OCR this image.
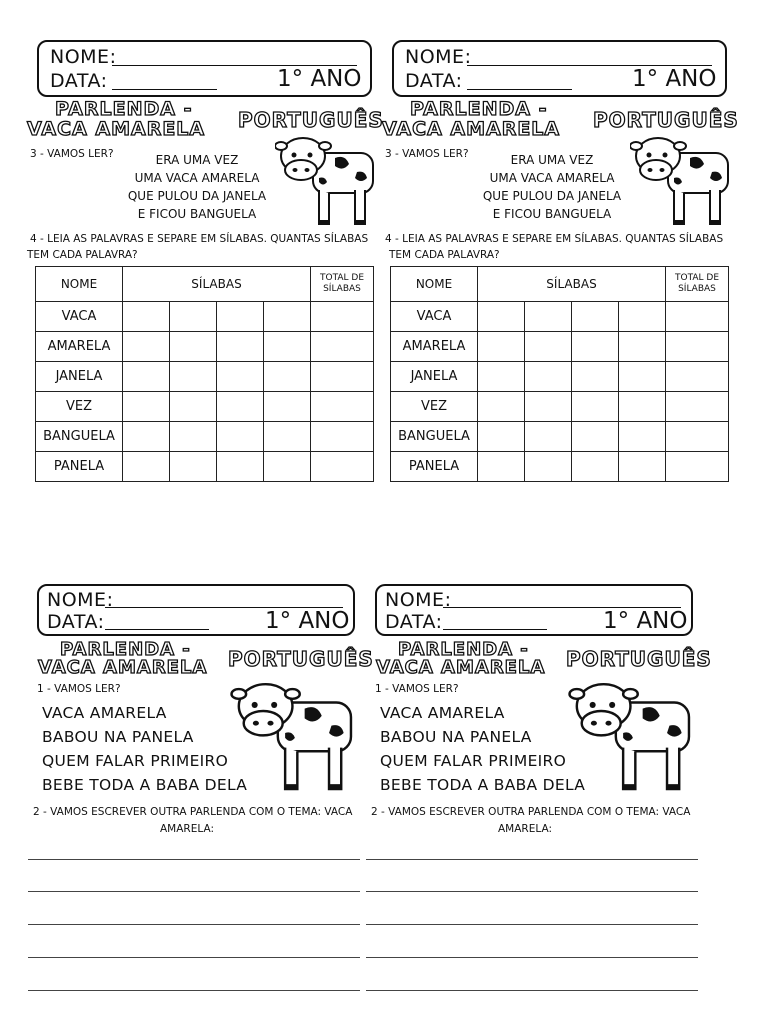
NOME:
DATA:	1° ANO
PARLENDA -
VACA AMARELA PORTUGUÊS
3 - VAMOS LER?	ERA UMA VEZ
UMA VACA AMARELA
QUE PULOU DA JANELA
E FICOU BANGUELA
4 - LEIA AS PALAVRAS E SEPARE EM SÍLABAS. QUANTAS SÍLABAS
TEM CADA PALAVRA?
NOME	SÍLABAS				TOTAL DE
SÍLABAS
VACA					
AMARELA					
JANELA					
VEZ					
BANGUELA					
PANELA					
NOME:
DATA:	1° ANO
PARLENDA -
VACA AMARELA PORTUGUÊS
3 - VAMOS LER?	ERA UMA VEZ
UMA VACA AMARELA
QUE PULOU DA JANELA
E FICOU BANGUELA
4 - LEIA AS PALAVRAS E SEPARE EM SÍLABAS. QUANTAS SÍLABAS
TEM CADA PALAVRA?
NOME	SÍLABAS				TOTAL DE
SÍLABAS
VACA					
AMARELA					
JANELA					
VEZ					
BANGUELA					
PANELA					
NOME:
DATA:	1° ANO
PARLENDA -
VACA AMARELA PORTUGUÊS
1 - VAMOS LER?
VACA AMARELA
BABOU NA PANELA
QUEM FALAR PRIMEIRO
BEBE TODA A BABA DELA
2 - VAMOS ESCREVER OUTRA PARLENDA COM O TEMA: VACA
AMARELA:
NOME:
DATA:	1° ANO
PARLENDA -
VACA AMARELA PORTUGUÊS
1 - VAMOS LER?
VACA AMARELA
BABOU NA PANELA
QUEM FALAR PRIMEIRO
BEBE TODA A BABA DELA
2 - VAMOS ESCREVER OUTRA PARLENDA COM O TEMA: VACA
AMARELA:
